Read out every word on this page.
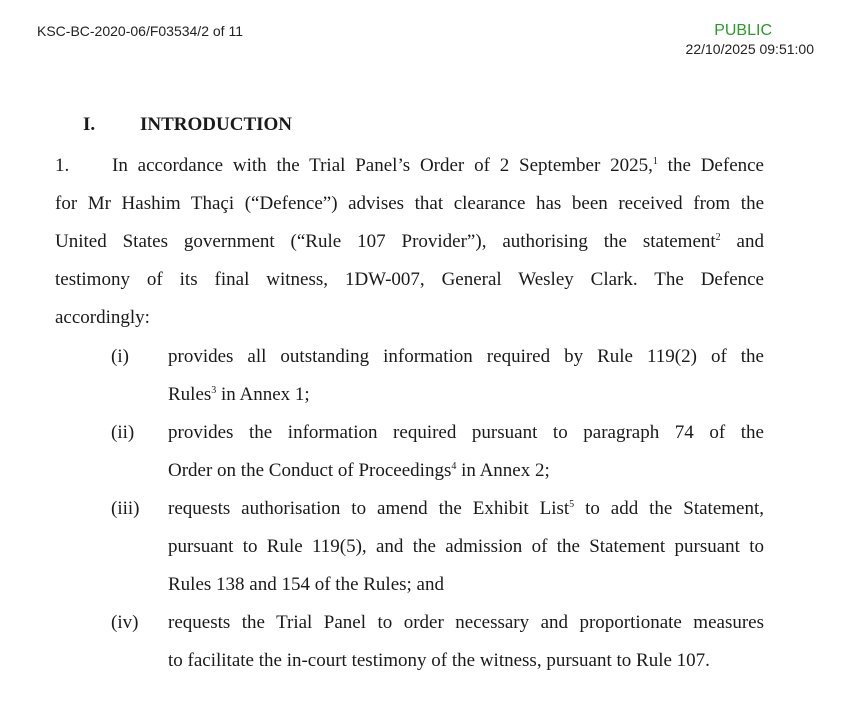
KSC-BC-2020-06/F03534/2 of 11	PUBLIC
22/10/2025 09:51:00
I. INTRODUCTION
1. In accordance with the Trial Panel’s Order of 2 September 2025,$^1$ the Defence
for Mr Hashim Thaçi (“Defence”) advises that clearance has been received from the
United States government (“Rule 107 Provider”), authorising the statement$^2$ and
testimony of its final witness, 1DW-007, General Wesley Clark. The Defence
accordingly:
(i) provides all outstanding information required by Rule 119(2) of the
Rules$^3$ in Annex 1;
(ii) provides the information required pursuant to paragraph 74 of the
Order on the Conduct of Proceedings$^4$ in Annex 2;
(iii) requests authorisation to amend the Exhibit List$^5$ to add the Statement,
pursuant to Rule 119(5), and the admission of the Statement pursuant to
Rules 138 and 154 of the Rules; and
(iv) requests the Trial Panel to order necessary and proportionate measures
to facilitate the in-court testimony of the witness, pursuant to Rule 107.
